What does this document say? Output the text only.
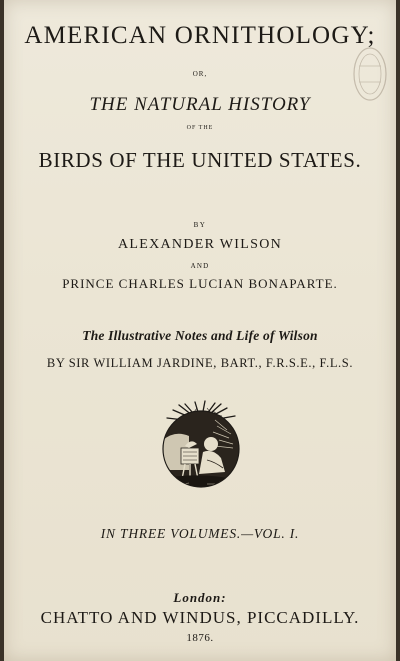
AMERICAN ORNITHOLOGY;
OR,
THE NATURAL HISTORY
OF THE
BIRDS OF THE UNITED STATES.
BY
ALEXANDER WILSON
AND
PRINCE CHARLES LUCIAN BONAPARTE.
The Illustrative Notes and Life of Wilson
BY SIR WILLIAM JARDINE, BART., F.R.S.E., F.L.S.
IN THREE VOLUMES.—VOL. I.
London:
CHATTO AND WINDUS, PICCADILLY.
1876.
